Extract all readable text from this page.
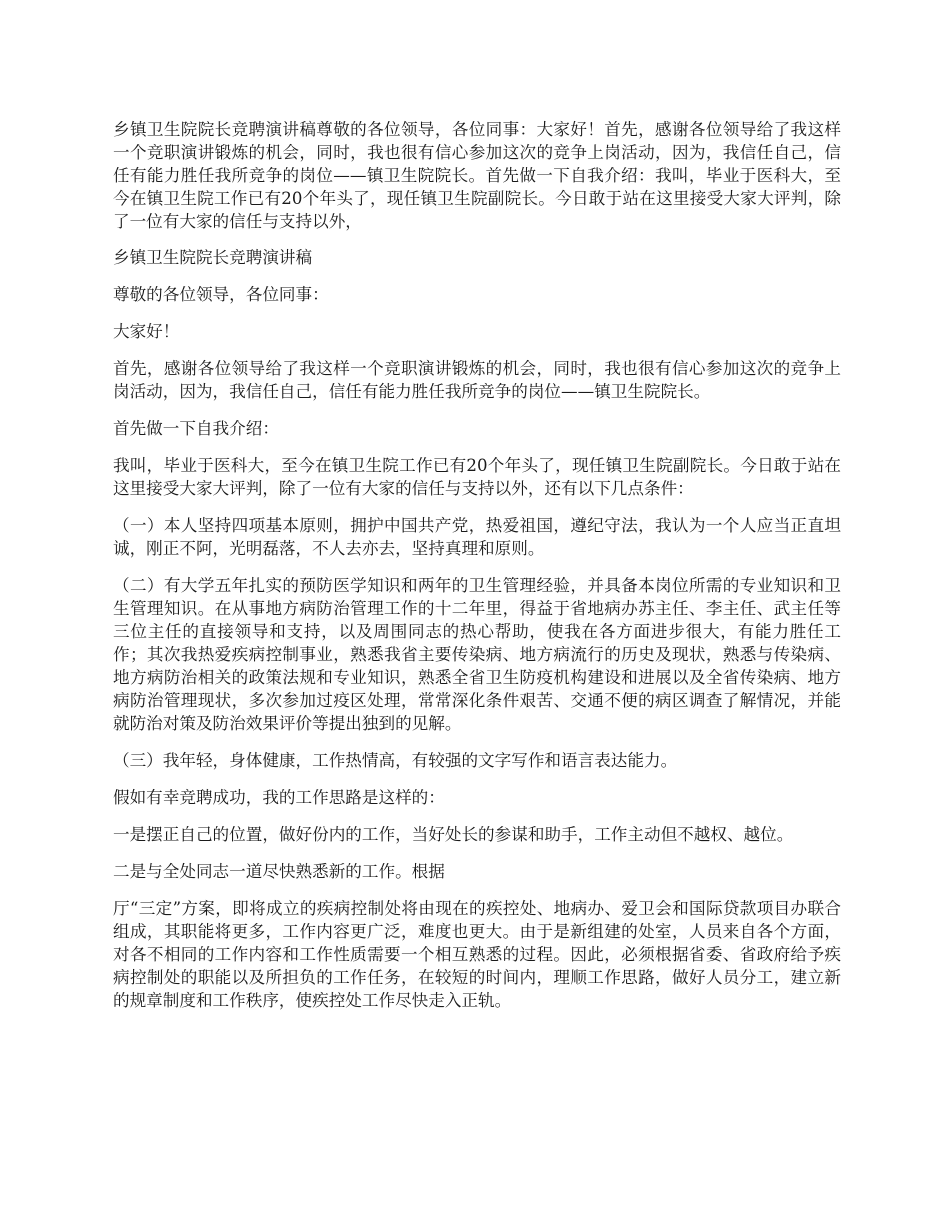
乡镇卫生院院长竞聘演讲稿尊敬的各位领导，各位同事：大家好！首先，感谢各位领导给了我这样一个竞职演讲锻炼的机会，同时，我也很有信心参加这次的竞争上岗活动，因为，我信任自己，信任有能力胜任我所竞争的岗位——镇卫生院院长。首先做一下自我介绍：我叫，毕业于医科大，至今在镇卫生院工作已有20个年头了，现任镇卫生院副院长。今日敢于站在这里接受大家大评判，除了一位有大家的信任与支持以外，

乡镇卫生院院长竞聘演讲稿

尊敬的各位领导，各位同事：

大家好！

首先，感谢各位领导给了我这样一个竞职演讲锻炼的机会，同时，我也很有信心参加这次的竞争上岗活动，因为，我信任自己，信任有能力胜任我所竞争的岗位——镇卫生院院长。

首先做一下自我介绍：

我叫，毕业于医科大，至今在镇卫生院工作已有20个年头了，现任镇卫生院副院长。今日敢于站在这里接受大家大评判，除了一位有大家的信任与支持以外，还有以下几点条件：

（一）本人坚持四项基本原则，拥护中国共产党，热爱祖国，遵纪守法，我认为一个人应当正直坦诚，刚正不阿，光明磊落，不人去亦去，坚持真理和原则。

（二）有大学五年扎实的预防医学知识和两年的卫生管理经验，并具备本岗位所需的专业知识和卫生管理知识。在从事地方病防治管理工作的十二年里，得益于省地病办苏主任、李主任、武主任等三位主任的直接领导和支持，以及周围同志的热心帮助，使我在各方面进步很大，有能力胜任工作；其次我热爱疾病控制事业，熟悉我省主要传染病、地方病流行的历史及现状，熟悉与传染病、地方病防治相关的政策法规和专业知识，熟悉全省卫生防疫机构建设和进展以及全省传染病、地方病防治管理现状，多次参加过疫区处理，常常深化条件艰苦、交通不便的病区调查了解情况，并能就防治对策及防治效果评价等提出独到的见解。

（三）我年轻，身体健康，工作热情高，有较强的文字写作和语言表达能力。

假如有幸竞聘成功，我的工作思路是这样的：

一是摆正自己的位置，做好份内的工作，当好处长的参谋和助手，工作主动但不越权、越位。

二是与全处同志一道尽快熟悉新的工作。根据

厅“三定”方案，即将成立的疾病控制处将由现在的疾控处、地病办、爱卫会和国际贷款项目办联合组成，其职能将更多，工作内容更广泛，难度也更大。由于是新组建的处室，人员来自各个方面，对各不相同的工作内容和工作性质需要一个相互熟悉的过程。因此，必须根据省委、省政府给予疾病控制处的职能以及所担负的工作任务，在较短的时间内，理顺工作思路，做好人员分工，建立新的规章制度和工作秩序，使疾控处工作尽快走入正轨。
